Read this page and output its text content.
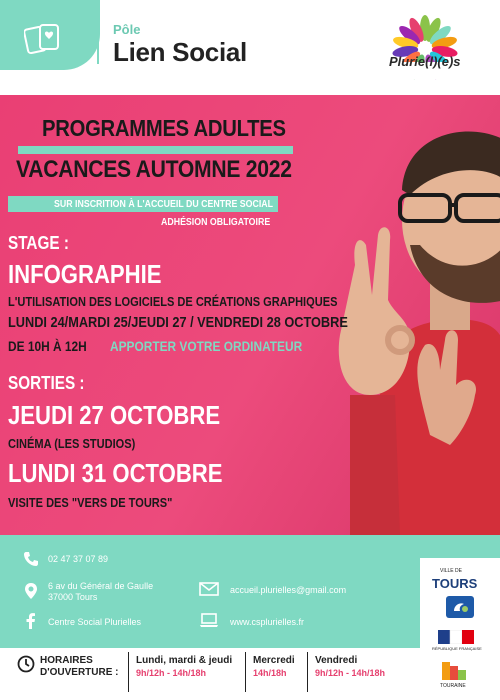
Pôle
Lien Social	Plurie(l)(e)s
PROGRAMMES ADULTES
VACANCES AUTOMNE 2022
SUR INSCRITION À L'ACCUEIL DU CENTRE SOCIAL
ADHÉSION OBLIGATOIRE
STAGE :
INFOGRAPHIE
L'UTILISATION DES LOGICIELS DE CRÉATIONS GRAPHIQUES
LUNDI 24/MARDI 25/JEUDI 27 / VENDREDI 28 OCTOBRE
DE 10H À 12H	APPORTER VOTRE ORDINATEUR
SORTIES :
JEUDI 27 OCTOBRE
CINÉMA (LES STUDIOS)
LUNDI 31 OCTOBRE
VISITE DES "VERS DE TOURS"
02 47 37 07 89
6 av du Général de Gaulle
37000 Tours
Centre Social Plurielles
accueil.plurielles@gmail.com
www.csplurielles.fr
HORAIRES
D'OUVERTURE :
Lundi, mardi & jeudi
9h/12h - 14h/18h
Mercredi
14h/18h
Vendredi
9h/12h - 14h/18h
VILLE DE
TOURS
RÉPUBLIQUE FRANÇAISE
TOURAINE
